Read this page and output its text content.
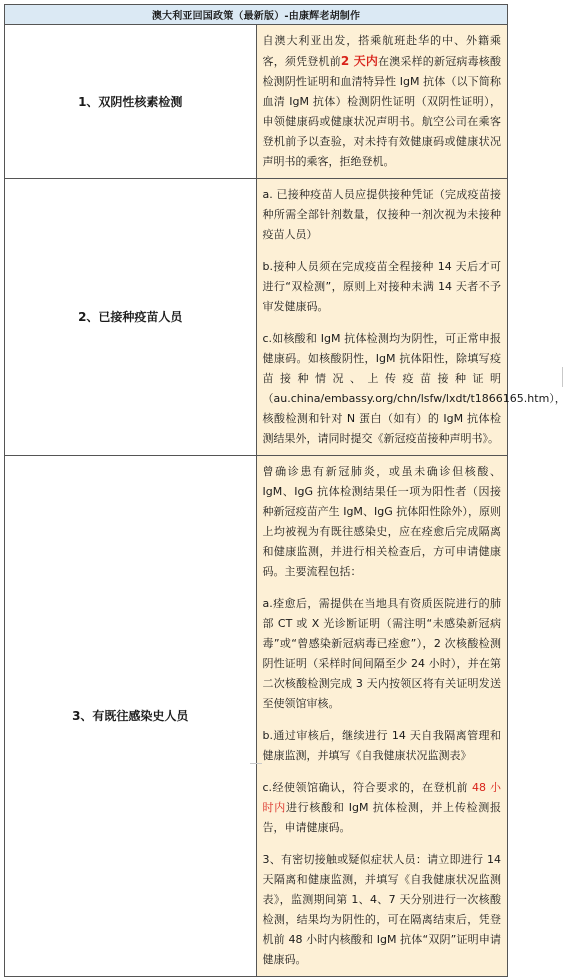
澳大利亚回国政策（最新版）-由康辉老胡制作	
1、双阴性核素检测	自澳大利亚出发，搭乘航班赴华的中、外籍乘客，须凭登机前2 天内在澳采样的新冠病毒核酸检测阴性证明和血清特异性 IgM 抗体（以下简称血清 IgM 抗体）检测阴性证明（双阴性证明），申领健康码或健康状况声明书。航空公司在乘客登机前予以查验，对未持有效健康码或健康状况声明书的乘客，拒绝登机。

2、已接种疫苗人员	a. 已接种疫苗人员应提供接种凭证（完成疫苗接种所需全部针剂数量，仅接种一剂次视为未接种疫苗人员）

b.接种人员须在完成疫苗全程接种 14 天后才可进行“双检测”，原则上对接种未满 14 天者不予审发健康码。

c.如核酸和 IgM 抗体检测均为阴性，可正常申报健康码。如核酸阴性，IgM 抗体阳性，除填写疫苗接种情况、上传疫苗接种证明（au.china/embassy.org/chn/lsfw/lxdt/t1866165.htm），核酸检测和针对 N 蛋白（如有）的 IgM 抗体检测结果外，请同时提交《新冠疫苗接种声明书》。

3、有既往感染史人员	曾确诊患有新冠肺炎，或虽未确诊但核酸、IgM、IgG 抗体检测结果任一项为阳性者（因接种新冠疫苗产生 IgM、IgG 抗体阳性除外），原则上均被视为有既往感染史，应在痊愈后完成隔离和健康监测，并进行相关检查后，方可申请健康码。主要流程包括：

a.痊愈后，需提供在当地具有资质医院进行的肺部 CT 或 X 光诊断证明（需注明“未感染新冠病毒”或“曾感染新冠病毒已痊愈”），2 次核酸检测阴性证明（采样时间间隔至少 24 小时），并在第二次核酸检测完成 3 天内按领区将有关证明发送至使领馆审核。

b.通过审核后，继续进行 14 天自我隔离管理和健康监测，并填写《自我健康状况监测表》

c.经使领馆确认，符合要求的，在登机前 48 小时内进行核酸和 IgM 抗体检测，并上传检测报告，申请健康码。

3、有密切接触或疑似症状人员：请立即进行 14 天隔离和健康监测，并填写《自我健康状况监测表》，监测期间第 1、4、7 天分别进行一次核酸检测，结果均为阴性的，可在隔离结束后，凭登机前 48 小时内核酸和 IgM 抗体“双阴”证明申请健康码。
